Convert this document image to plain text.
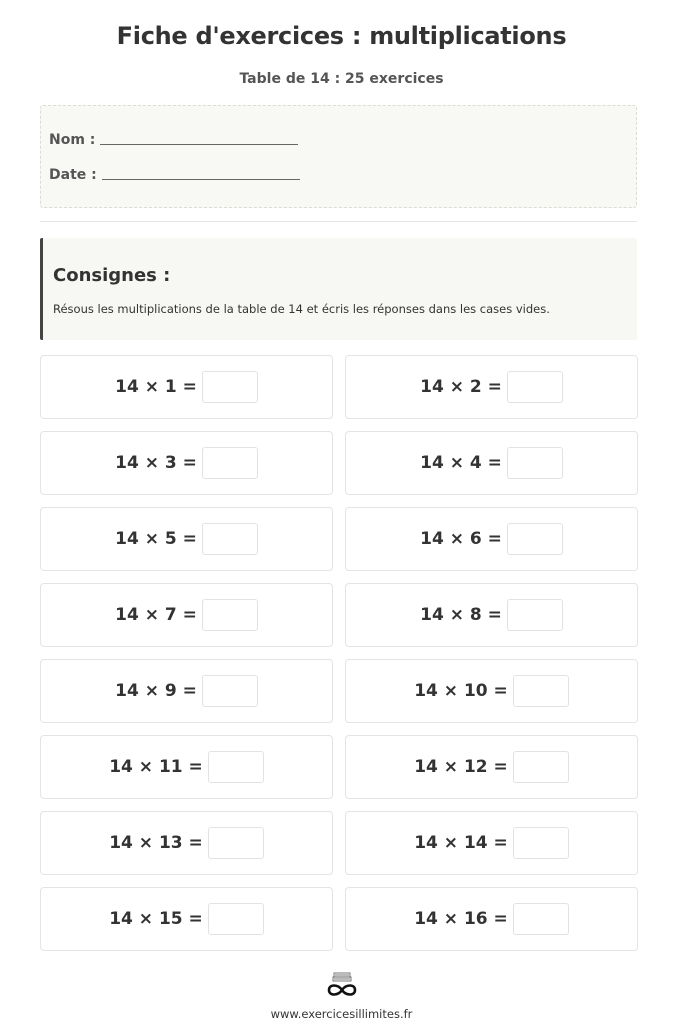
Fiche d'exercices : multiplications
Table de 14 : 25 exercices
Nom :
Date :
Consignes :
Résous les multiplications de la table de 14 et écris les réponses dans les cases vides.
14 × 1 =	14 × 2 =
14 × 3 =	14 × 4 =
14 × 5 =	14 × 6 =
14 × 7 =	14 × 8 =
14 × 9 =	14 × 10 =
14 × 11 =	14 × 12 =
14 × 13 =	14 × 14 =
14 × 15 =	14 × 16 =
www.exercicesillimites.fr
